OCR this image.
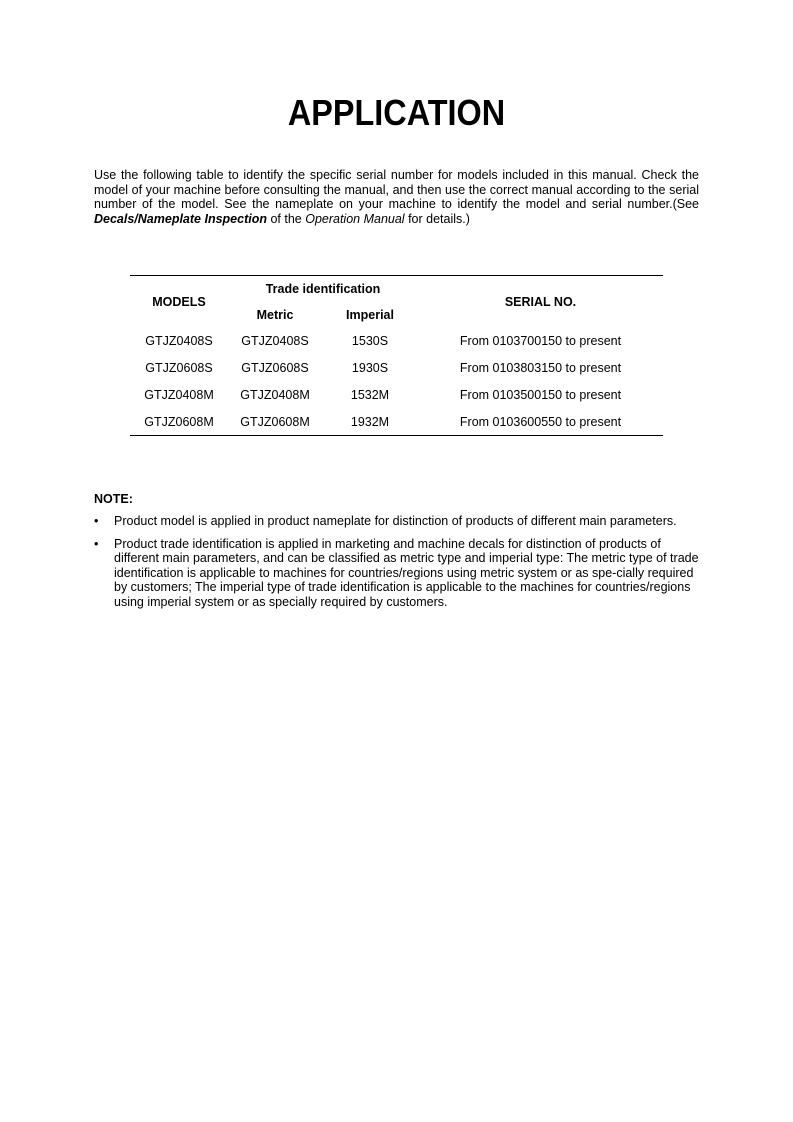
APPLICATION

Use the following table to identify the specific serial number for models included in this manual. Check the model of your machine before consulting the manual, and then use the correct manual according to the serial number of the model. See the nameplate on your machine to identify the model and serial number.(See Decals/Nameplate Inspection of the Operation Manual for details.)

MODELS	Trade identification		SERIAL NO.
	Metric	Imperial	
GTJZ0408S	GTJZ0408S	1530S	From 0103700150 to present
GTJZ0608S	GTJZ0608S	1930S	From 0103803150 to present
GTJZ0408M	GTJZ0408M	1532M	From 0103500150 to present
GTJZ0608M	GTJZ0608M	1932M	From 0103600550 to present
NOTE:
• Product model is applied in product nameplate for distinction of products of different main parameters.
• Product trade identification is applied in marketing and machine decals for distinction of products of different main parameters, and can be classified as metric type and imperial type: The metric type of trade identification is applicable to machines for countries/regions using metric system or as spe-cially required by customers; The imperial type of trade identification is applicable to the machines for countries/regions using imperial system or as specially required by customers.
